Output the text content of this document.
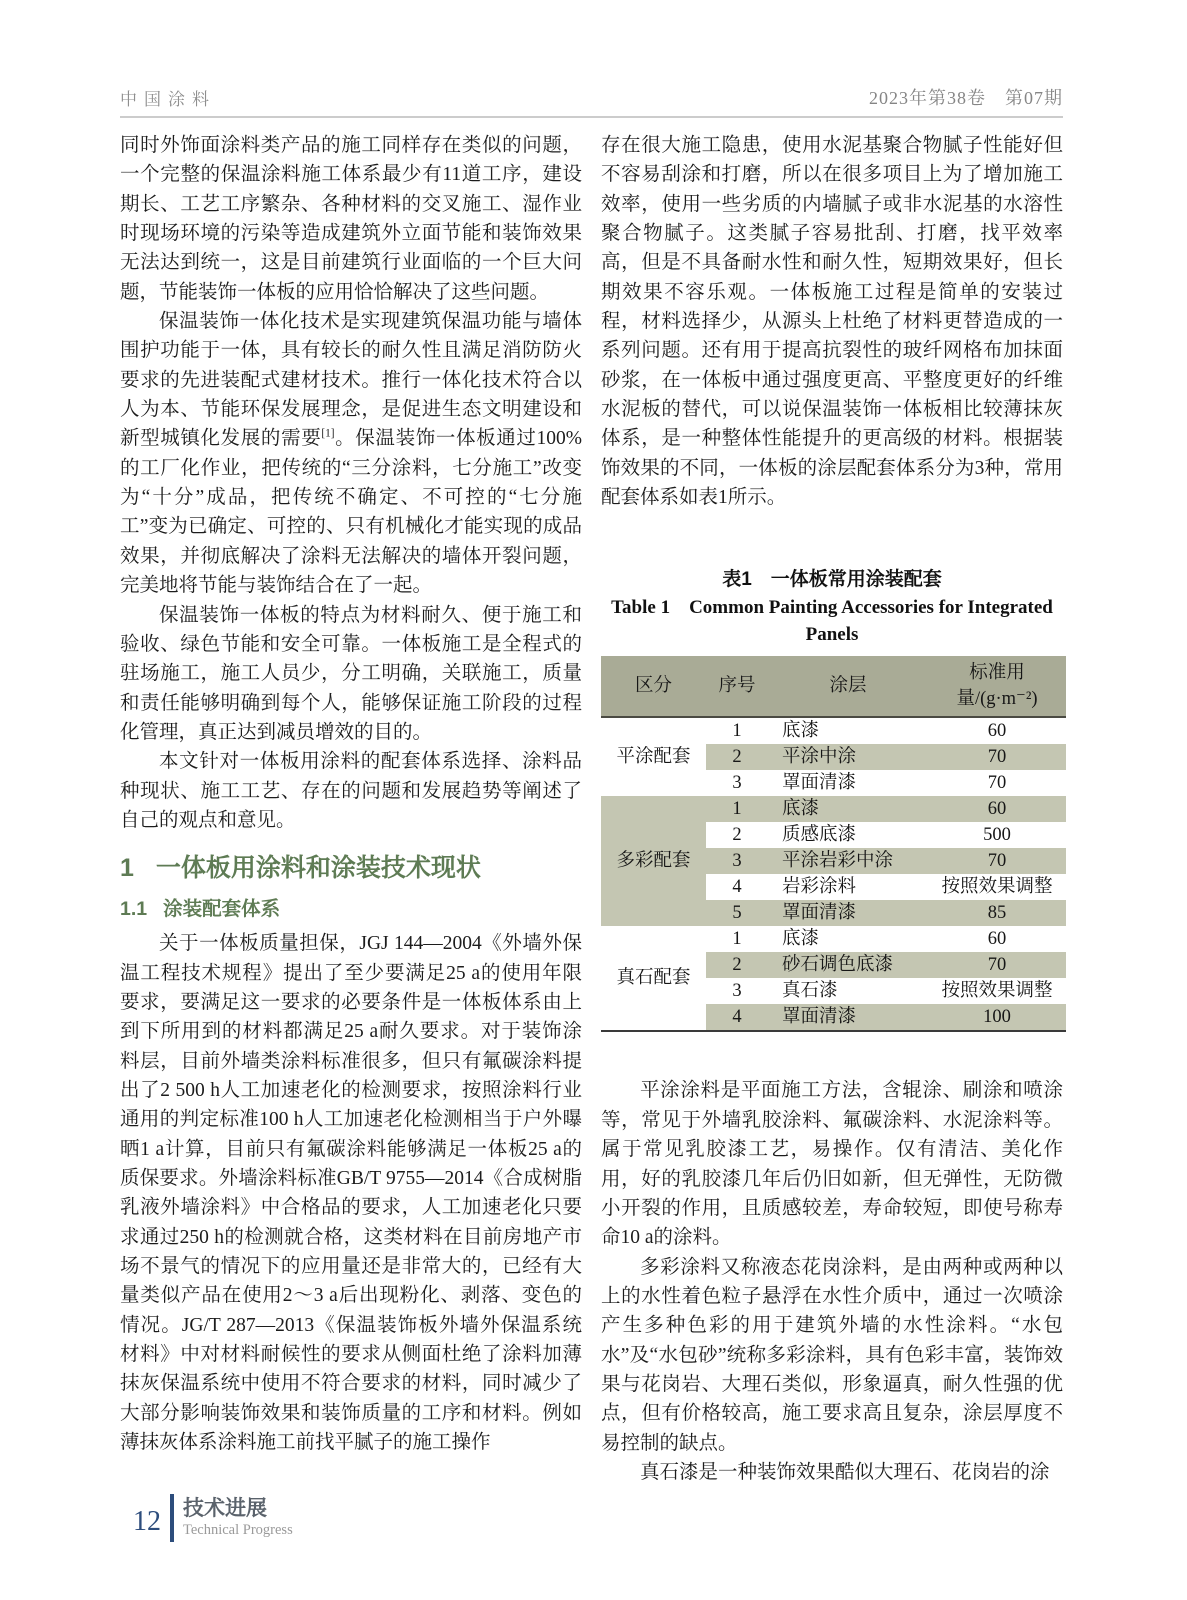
中国涂料	2023年第38卷　第07期

同时外饰面涂料类产品的施工同样存在类似的问题，一个完整的保温涂料施工体系最少有11道工序，建设期长、工艺工序繁杂、各种材料的交叉施工、湿作业时现场环境的污染等造成建筑外立面节能和装饰效果无法达到统一，这是目前建筑行业面临的一个巨大问题，节能装饰一体板的应用恰恰解决了这些问题。

保温装饰一体化技术是实现建筑保温功能与墙体围护功能于一体，具有较长的耐久性且满足消防防火要求的先进装配式建材技术。推行一体化技术符合以人为本、节能环保发展理念，是促进生态文明建设和新型城镇化发展的需要[1]。保温装饰一体板通过100%的工厂化作业，把传统的“三分涂料，七分施工”改变为“十分”成品，把传统不确定、不可控的“七分施工”变为已确定、可控的、只有机械化才能实现的成品效果，并彻底解决了涂料无法解决的墙体开裂问题，完美地将节能与装饰结合在了一起。

保温装饰一体板的特点为材料耐久、便于施工和验收、绿色节能和安全可靠。一体板施工是全程式的驻场施工，施工人员少，分工明确，关联施工，质量和责任能够明确到每个人，能够保证施工阶段的过程化管理，真正达到减员增效的目的。

本文针对一体板用涂料的配套体系选择、涂料品种现状、施工工艺、存在的问题和发展趋势等阐述了自己的观点和意见。

1 一体板用涂料和涂装技术现状
1.1 涂装配套体系

关于一体板质量担保，JGJ 144—2004《外墙外保温工程技术规程》提出了至少要满足25 a的使用年限要求，要满足这一要求的必要条件是一体板体系由上到下所用到的材料都满足25 a耐久要求。对于装饰涂料层，目前外墙类涂料标准很多，但只有氟碳涂料提出了2 500 h人工加速老化的检测要求，按照涂料行业通用的判定标准100 h人工加速老化检测相当于户外曝晒1 a计算，目前只有氟碳涂料能够满足一体板25 a的质保要求。外墙涂料标准GB/T 9755—2014《合成树脂乳液外墙涂料》中合格品的要求，人工加速老化只要求通过250 h的检测就合格，这类材料在目前房地产市场不景气的情况下的应用量还是非常大的，已经有大量类似产品在使用2～3 a后出现粉化、剥落、变色的情况。JG/T 287—2013《保温装饰板外墙外保温系统材料》中对材料耐候性的要求从侧面杜绝了涂料加薄抹灰保温系统中使用不符合要求的材料，同时减少了大部分影响装饰效果和装饰质量的工序和材料。例如薄抹灰体系涂料施工前找平腻子的施工操作

存在很大施工隐患，使用水泥基聚合物腻子性能好但不容易刮涂和打磨，所以在很多项目上为了增加施工效率，使用一些劣质的内墙腻子或非水泥基的水溶性聚合物腻子。这类腻子容易批刮、打磨，找平效率高，但是不具备耐水性和耐久性，短期效果好，但长期效果不容乐观。一体板施工过程是简单的安装过程，材料选择少，从源头上杜绝了材料更替造成的一系列问题。还有用于提高抗裂性的玻纤网格布加抹面砂浆，在一体板中通过强度更高、平整度更好的纤维水泥板的替代，可以说保温装饰一体板相比较薄抹灰体系，是一种整体性能提升的更高级的材料。根据装饰效果的不同，一体板的涂层配套体系分为3种，常用配套体系如表1所示。

表1　一体板常用涂装配套
Table 1　Common Painting Accessories for Integrated Panels
区分	序号	涂层	标准用量/(g·m⁻²)
平涂配套	1	底漆	60
	2	平涂中涂	70
	3	罩面清漆	70
多彩配套	1	底漆	60
	2	质感底漆	500
	3	平涂岩彩中涂	70
	4	岩彩涂料	按照效果调整
	5	罩面清漆	85
真石配套	1	底漆	60
	2	砂石调色底漆	70
	3	真石漆	按照效果调整
	4	罩面清漆	100

平涂涂料是平面施工方法，含辊涂、刷涂和喷涂等，常见于外墙乳胶涂料、氟碳涂料、水泥涂料等。属于常见乳胶漆工艺，易操作。仅有清洁、美化作用，好的乳胶漆几年后仍旧如新，但无弹性，无防微小开裂的作用，且质感较差，寿命较短，即使号称寿命10 a的涂料。

多彩涂料又称液态花岗涂料，是由两种或两种以上的水性着色粒子悬浮在水性介质中，通过一次喷涂产生多种色彩的用于建筑外墙的水性涂料。“水包水”及“水包砂”统称多彩涂料，具有色彩丰富，装饰效果与花岗岩、大理石类似，形象逼真，耐久性强的优点，但有价格较高，施工要求高且复杂，涂层厚度不易控制的缺点。

真石漆是一种装饰效果酷似大理石、花岗岩的涂

12 技术进展
Technical Progress
